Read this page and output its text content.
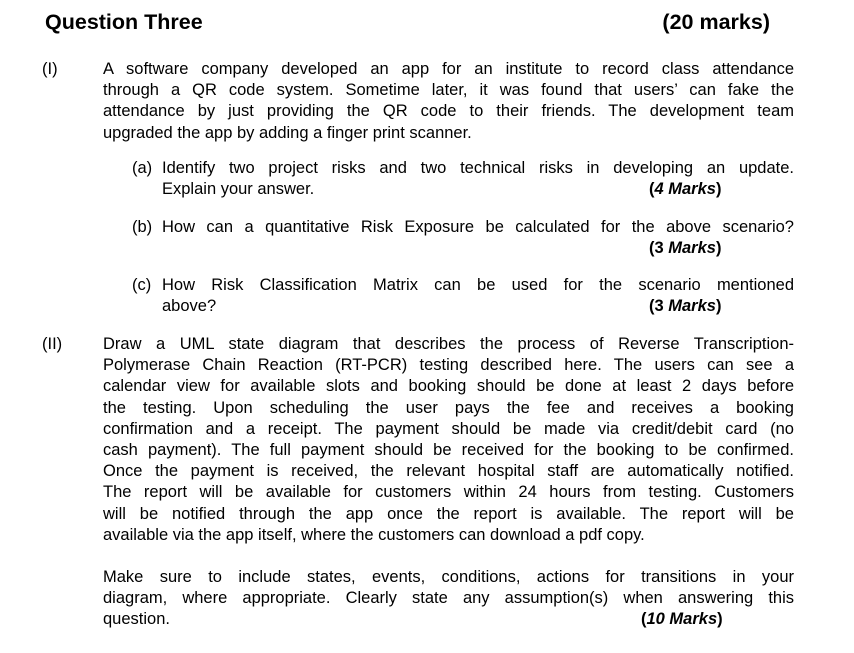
Question Three	(20 marks)
(I)	A software company developed an app for an institute to record class attendance
through a QR code system. Sometime later, it was found that users’ can fake the
attendance by just providing the QR code to their friends. The development team
upgraded the app by adding a finger print scanner.
(a) Identify two project risks and two technical risks in developing an update.
Explain your answer.	(4 Marks)
(b) How can a quantitative Risk Exposure be calculated for the above scenario?
(3 Marks)
(c) How Risk Classification Matrix can be used for the scenario mentioned
above?	(3 Marks)
(II) Draw a UML state diagram that describes the process of Reverse Transcription-
Polymerase Chain Reaction (RT-PCR) testing described here. The users can see a
calendar view for available slots and booking should be done at least 2 days before
the testing. Upon scheduling the user pays the fee and receives a booking
confirmation and a receipt. The payment should be made via credit/debit card (no
cash payment). The full payment should be received for the booking to be confirmed.
Once the payment is received, the relevant hospital staff are automatically notified.
The report will be available for customers within 24 hours from testing. Customers
will be notified through the app once the report is available. The report will be
available via the app itself, where the customers can download a pdf copy.
Make sure to include states, events, conditions, actions for transitions in your
diagram, where appropriate. Clearly state any assumption(s) when answering this
question.	(10 Marks)
